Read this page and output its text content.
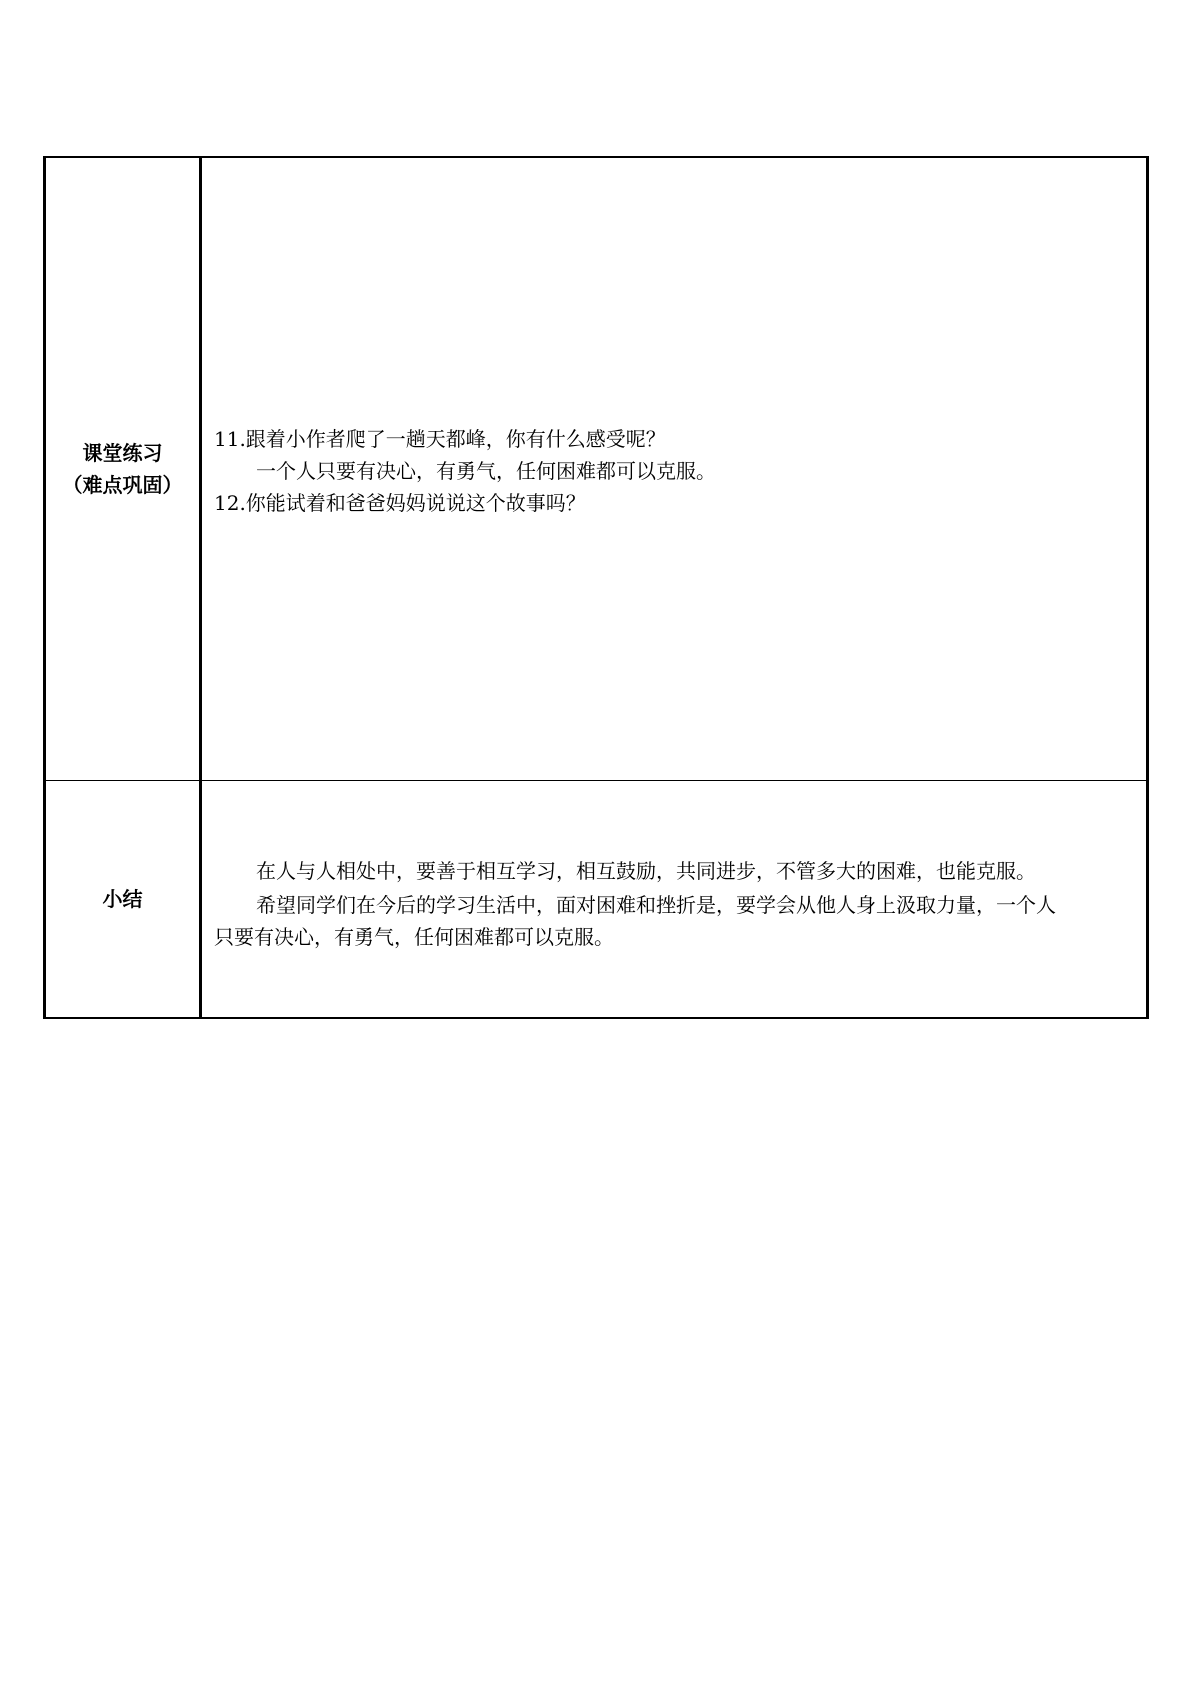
课堂练习
（难点巩固）
11.跟着小作者爬了一趟天都峰，你有什么感受呢？
一个人只要有决心，有勇气，任何困难都可以克服。
12.你能试着和爸爸妈妈说说这个故事吗？
小结
在人与人相处中，要善于相互学习，相互鼓励，共同进步，不管多大的困难，也能克服。
希望同学们在今后的学习生活中，面对困难和挫折是，要学会从他人身上汲取力量，一个人
只要有决心，有勇气，任何困难都可以克服。
